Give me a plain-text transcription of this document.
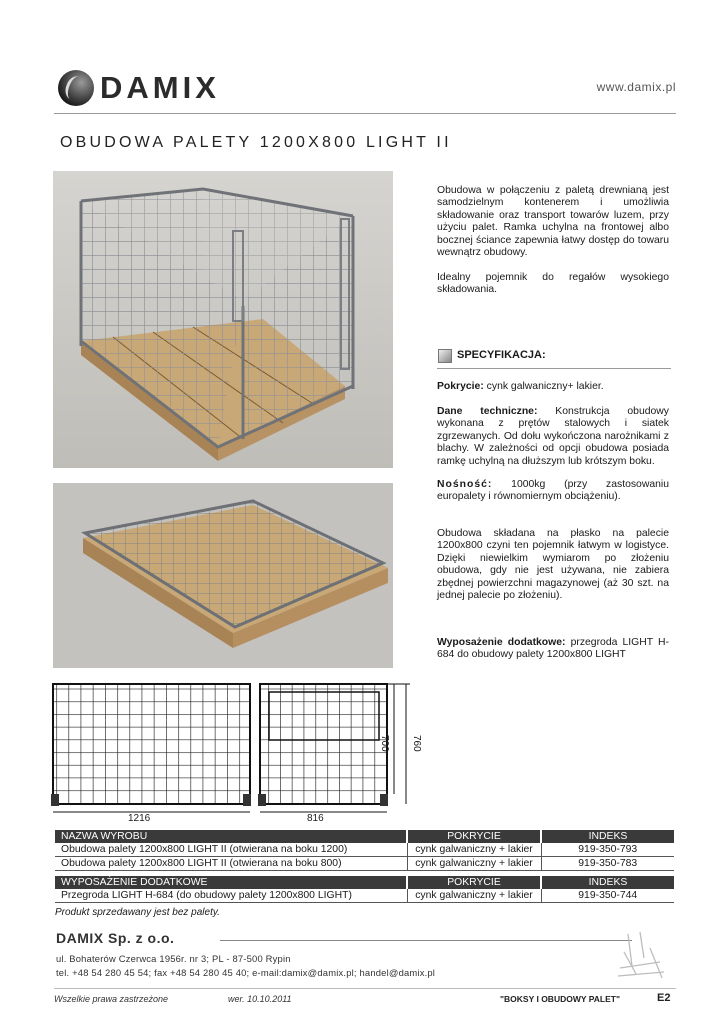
DAMIX	www.damix.pl
OBUDOWA PALETY 1200X800 LIGHT II
Obudowa w połączeniu z paletą drewnianą jest samodzielnym kontenerem i umożliwia składowanie oraz transport towarów luzem, przy użyciu palet. Ramka uchylna na frontowej albo bocznej ściance zapewnia łatwy dostęp do towaru wewnątrz obudowy.
Idealny pojemnik do regałów wysokiego składowania.
SPECYFIKACJA:
Pokrycie: cynk galwaniczny+ lakier.
Dane techniczne: Konstrukcja obudowy wykonana z prętów stalowych i siatek zgrzewanych. Od dołu wykończona narożnikami z blachy. W zależności od opcji obudowa posiada ramkę uchylną na dłuższym lub krótszym boku.
Nośność: 1000kg (przy zastosowaniu europalety i równomiernym obciążeniu).
Obudowa składana na płasko na palecie 1200x800 czyni ten pojemnik łatwym w logistyce. Dzięki niewielkim wymiarom po złożeniu obudowa, gdy nie jest używana, nie zabiera zbędnej powierzchni magazynowej (aż 30 szt. na jednej palecie po złożeniu).
Wyposażenie dodatkowe: przegroda LIGHT H-684 do obudowy palety 1200x800 LIGHT
1216	816
700 760
NAZWA WYROBU	POKRYCIE	INDEKS
Obudowa palety 1200x800 LIGHT II (otwierana na boku 1200)	cynk galwaniczny + lakier	919-350-793
Obudowa palety 1200x800 LIGHT II (otwierana na boku 800)	cynk galwaniczny + lakier	919-350-783
WYPOSAŻENIE DODATKOWE	POKRYCIE	INDEKS
Przegroda LIGHT H-684 (do obudowy palety 1200x800 LIGHT)	cynk galwaniczny + lakier	919-350-744
Produkt sprzedawany jest bez palety.
DAMIX Sp. z o.o.
ul. Bohaterów Czerwca 1956r. nr 3; PL - 87-500 Rypin
tel. +48 54 280 45 54; fax +48 54 280 45 40; e-mail:damix@damix.pl; handel@damix.pl
Wszelkie prawa zastrzeżone	wer. 10.10.2011	"BOKSY I OBUDOWY PALET"	E2
